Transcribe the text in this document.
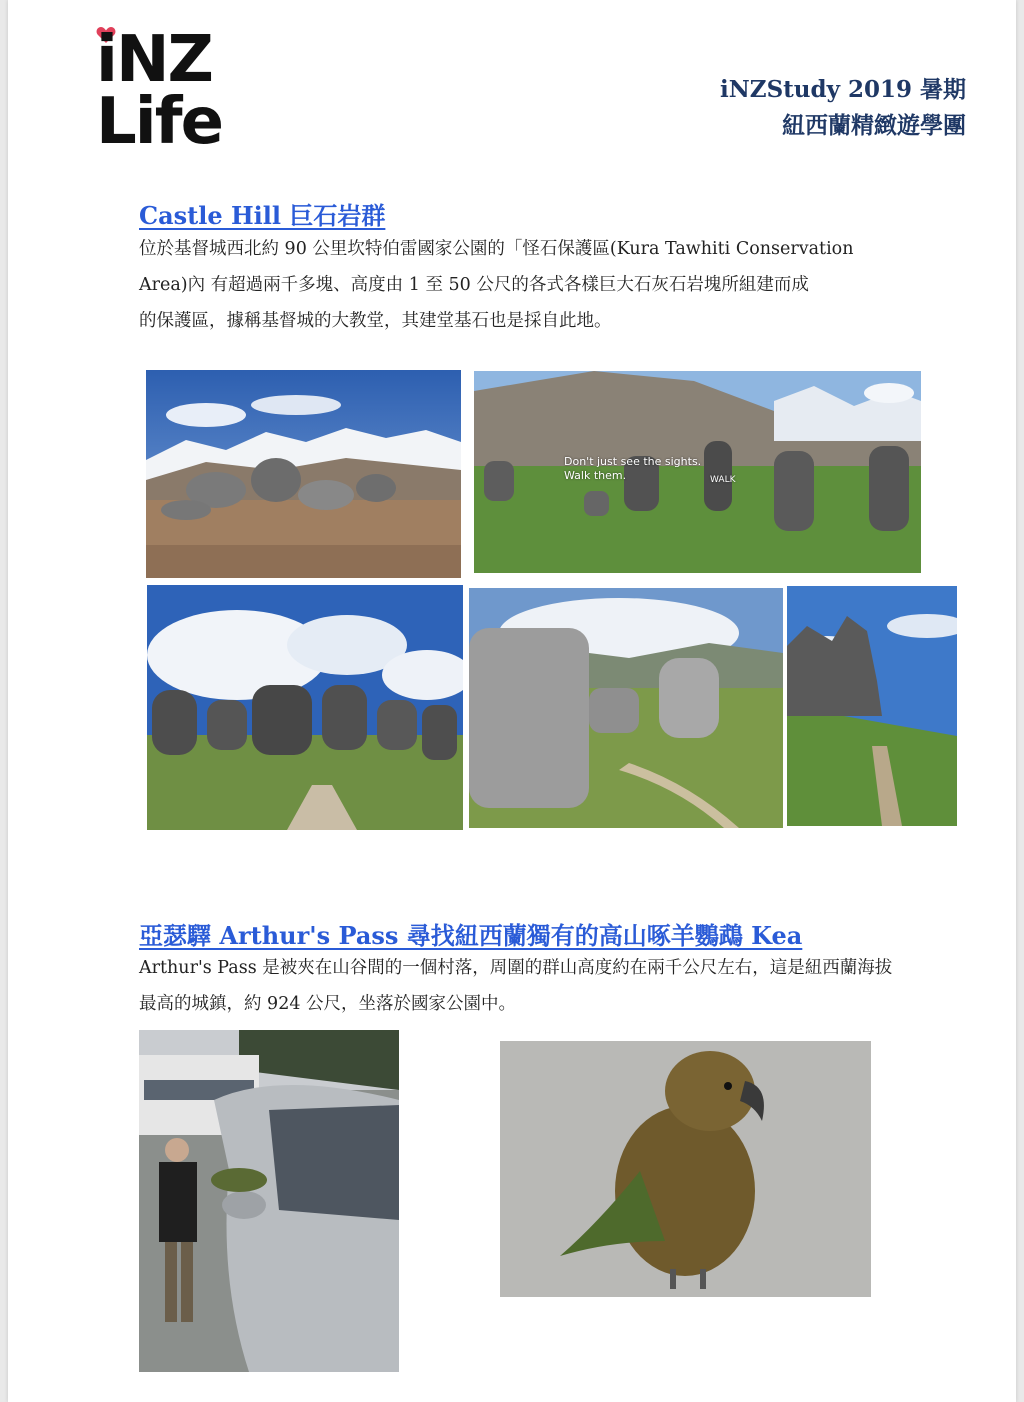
iNZ
Life	iNZStudy 2019 暑期
紐西蘭精緻遊學團
Castle Hill 巨石岩群

位於基督城西北約 90 公里坎特伯雷國家公園的「怪石保護區(Kura Tawhiti Conservation

Area)內 有超過兩千多塊、高度由 1 至 50 公尺的各式各樣巨大石灰石岩塊所組建而成

的保護區，據稱基督城的大教堂，其建堂基石也是採自此地。

Don't just see the sights.
Walk them.	WALK
亞瑟驛 Arthur's Pass 尋找紐西蘭獨有的高山啄羊鸚鵡 Kea

Arthur's Pass 是被夾在山谷間的一個村落，周圍的群山高度約在兩千公尺左右，這是紐西蘭海拔

最高的城鎮，約 924 公尺，坐落於國家公園中。
